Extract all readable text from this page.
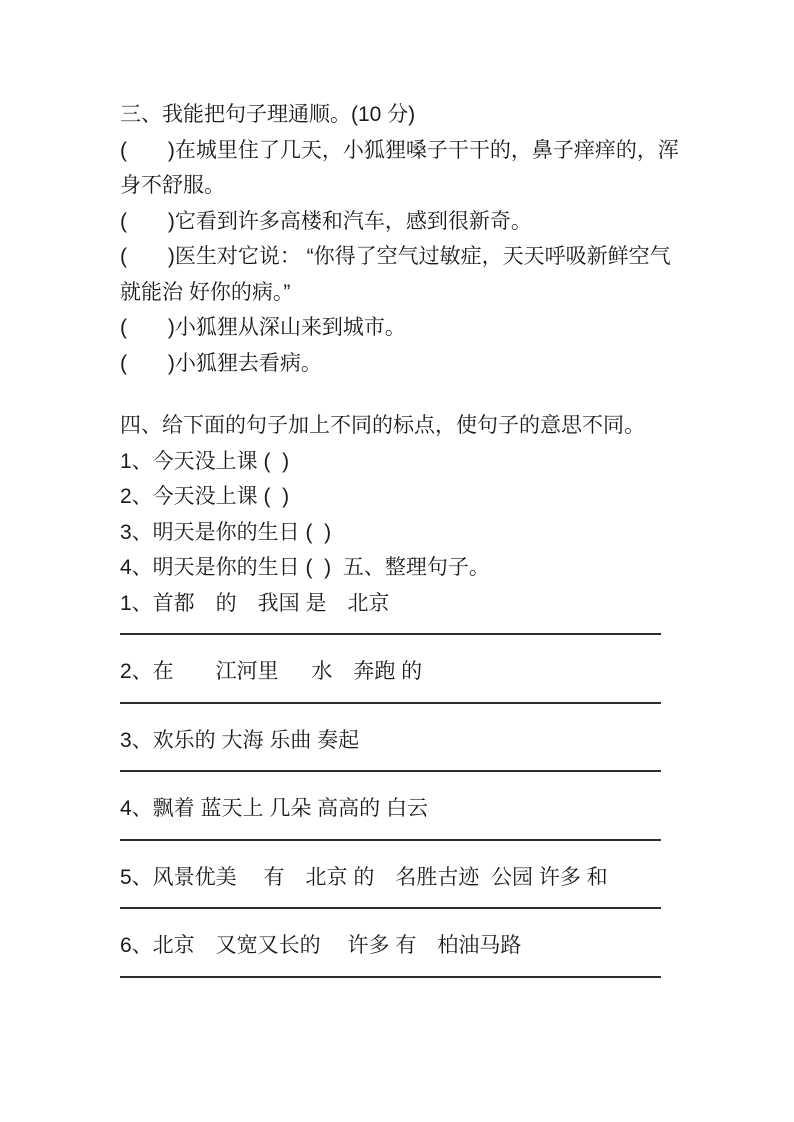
三、我能把句子理通顺。(10 分)
(       )在城里住了几天，小狐狸嗓子干干的，鼻子痒痒的，浑身不舒服。
(       )它看到许多高楼和汽车，感到很新奇。
(       )医生对它说： “你得了空气过敏症，天天呼吸新鲜空气就能治 好你的病。”
(       )小狐狸从深山来到城市。
(       )小狐狸去看病。
四、给下面的句子加上不同的标点，使句子的意思不同。
1、今天没上课 (  )
2、今天没上课 (  )
3、明天是你的生日 (  )
4、明天是你的生日 (  )  五、整理句子。
1、首都　的　我国 是　北京
2、在　　江河里　  水　奔跑 的
3、欢乐的 大海 乐曲 奏起
4、飘着 蓝天上 几朵 高高的 白云
5、风景优美　 有　北京 的　名胜古迹  公园 许多 和
6、北京　又宽又长的　 许多 有　柏油马路
